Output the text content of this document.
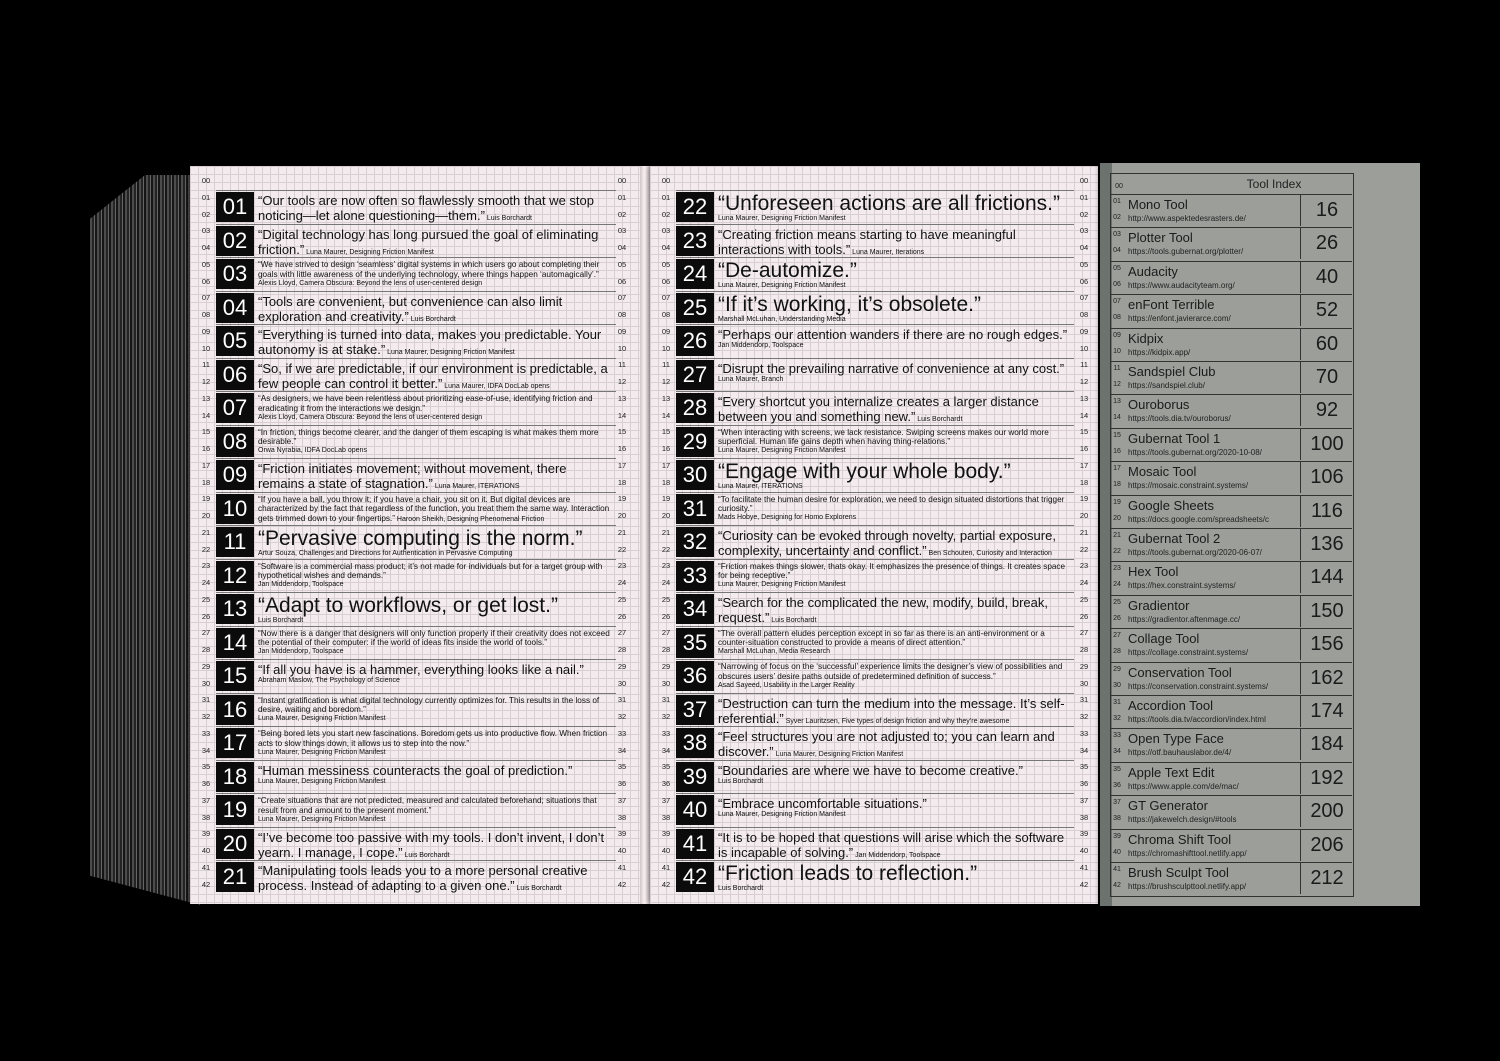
00	00
01	01
02	02
03	03
04	04
05	05
06	06
07	07
08	08
09	09
10	10
11	11
12	12
13	13
14	14
15	15
16	16
17	17
18	18
19	19
20	20
21	21
22	22
23	23
24	24
25	25
26	26
27	27
28	28
29	29
30	30
31	31
32	32
33	33
34	34
35	35
36	36
37	37
38	38
39	39
40	40
41	41
42	42
01 “Our tools are now often so flawlessly smooth that we stop noticing—let alone questioning—them.” Luis Borchardt
02 “Digital technology has long pursued the goal of eliminating friction.” Luna Maurer, Designing Friction Manifest
03	“We have strived to design ‘seamless’ digital systems in which users go about completing their goals with little awareness of the underlying technology, where things happen ‘automagically’.”
Alexis Lloyd, Camera Obscura: Beyond the lens of user-centered design
04 “Tools are convenient, but convenience can also limit exploration and creativity.” Luis Borchardt
05 “Everything is turned into data, makes you predictable. Your autonomy is at stake.” Luna Maurer, Designing Friction Manifest
06 “So, if we are predictable, if our environment is predictable, a few people can control it better.” Luna Maurer, IDFA DocLab opens
07	“As designers, we have been relentless about prioritizing ease-of-use, identifying friction and eradicating it from the interactions we design.”
Alexis Lloyd, Camera Obscura: Beyond the lens of user-centered design
08	“In friction, things become clearer, and the danger of them escaping is what makes them more desirable.”
Orwa Nyrabia, IDFA DocLab opens
09 “Friction initiates movement; without movement, there remains a state of stagnation.” Luna Maurer, ITERATIONS
10	“If you have a ball, you throw it; if you have a chair, you sit on it. But digital devices are characterized by the fact that regardless of the function, you treat them the same way. Interaction gets trimmed down to your fingertips.” Haroon Sheikh, Designing Phenomenal Friction
11 “Pervasive computing is the norm.”
Artur Souza, Challenges and Directions for Authentication in Pervasive Computing
12	“Software is a commercial mass product; it’s not made for individuals but for a target group with hypothetical wishes and demands.”
Jan Middendorp, Toolspace
13 “Adapt to workflows, or get lost.”
Luis Borchardt
14	“Now there is a danger that designers will only function properly if their creativity does not exceed the potential of their computer: if the world of ideas fits inside the world of tools.”
Jan Middendorp, Toolspace
15 “If all you have is a hammer, everything looks like a nail.”
Abraham Maslow, The Psychology of Science
16	“Instant gratification is what digital technology currently optimizes for. This results in the loss of desire, waiting and boredom.”
Luna Maurer, Designing Friction Manifest
17	“Being bored lets you start new fascinations. Boredom gets us into productive flow. When friction acts to slow things down, it allows us to step into the now.”
Luna Maurer, Designing Friction Manifest
18 “Human messiness counteracts the goal of prediction.”
Luna Maurer, Designing Friction Manifest
19	“Create situations that are not predicted, measured and calculated beforehand; situations that result from and amount to the present moment.”
Luna Maurer, Designing Friction Manifest
20 “I’ve become too passive with my tools. I don’t invent, I don’t yearn. I manage, I cope.” Luis Borchardt
21 “Manipulating tools leads you to a more personal creative process. Instead of adapting to a given one.” Luis Borchardt
00	00
01	01
02	02
03	03
04	04
05	05
06	06
07	07
08	08
09	09
10	10
11	11
12	12
13	13
14	14
15	15
16	16
17	17
18	18
19	19
20	20
21	21
22	22
23	23
24	24
25	25
26	26
27	27
28	28
29	29
30	30
31	31
32	32
33	33
34	34
35	35
36	36
37	37
38	38
39	39
40	40
41	41
42	42
22 “Unforeseen actions are all frictions.”
Luna Maurer, Designing Friction Manifest
23 “Creating friction means starting to have meaningful interactions with tools.” Luna Maurer, Iterations
24 “De-automize.”
Luna Maurer, Designing Friction Manifest
25 “If it’s working, it’s obsolete.”
Marshall McLuhan, Understanding Media
26 “Perhaps our attention wanders if there are no rough edges.”
Jan Middendorp, Toolspace
27 “Disrupt the prevailing narrative of convenience at any cost.”
Luna Maurer, Branch
28 “Every shortcut you internalize creates a larger distance between you and something new.” Luis Borchardt
29	“When interacting with screens, we lack resistance. Swiping screens makes our world more superficial. Human life gains depth when having thing-relations.”
Luna Maurer, Designing Friction Manifest
30 “Engage with your whole body.”
Luna Maurer, ITERATIONS
31	“To facilitate the human desire for exploration, we need to design situated distortions that trigger curiosity.”
Mads Hobye, Designing for Homo Explorens
32 “Curiosity can be evoked through novelty, partial exposure, complexity, uncertainty and conflict.” Ben Schouten, Curiosity and Interaction
33	“Friction makes things slower, thats okay. It emphasizes the presence of things. It creates space for being receptive.”
Luna Maurer, Designing Friction Manifest
34 “Search for the complicated the new, modify, build, break, request.” Luis Borchardt
35	“The overall pattern eludes perception except in so far as there is an anti-environment or a counter-situation constructed to provide a means of direct attention.”
Marshall McLuhan, Media Research
36	“Narrowing of focus on the ‘successful’ experience limits the designer’s view of possibilities and obscures users’ desire paths outside of predetermined definition of success.”
Asad Sayeed, Usability in the Larger Reality
37 “Destruction can turn the medium into the message. It’s self-referential.” Syver Lauritzsen, Five types of design friction and why they’re awesome
38 “Feel structures you are not adjusted to; you can learn and discover.” Luna Maurer, Designing Friction Manifest
39 “Boundaries are where we have to become creative.”
Luis Borchardt
40 “Embrace uncomfortable situations.”
Luna Maurer, Designing Friction Manifest
41 “It is to be hoped that questions will arise which the software is incapable of solving.” Jan Middendorp, Toolspace
42 “Friction leads to reflection.”
Luis Borchardt
Tool Index
01
02
Mono Tool
http://www.aspektedesrasters.de/	16
03
04
Plotter Tool
https://tools.gubernat.org/plotter/	26
05
06
Audacity
https://www.audacityteam.org/	40
07
08
enFont Terrible
https://enfont.javierarce.com/	52
09
10
Kidpix
https://kidpix.app/	60
11
12
Sandspiel Club
https://sandspiel.club/	70
13
14
Ouroborus
https://tools.dia.tv/ouroborus/	92
15
16
Gubernat Tool 1
https://tools.gubernat.org/2020-10-08/	100
17
18
Mosaic Tool
https://mosaic.constraint.systems/	106
19
20
Google Sheets
https://docs.google.com/spreadsheets/c	116
21
22
Gubernat Tool 2
https://tools.gubernat.org/2020-06-07/	136
23
24
Hex Tool
https://hex.constraint.systems/	144
25
26
Gradientor
https://gradientor.aftenmage.cc/	150
27
28
Collage Tool
https://collage.constraint.systems/	156
29
30
Conservation Tool
https://conservation.constraint.systems/	162
31
32
Accordion Tool
https://tools.dia.tv/accordion/index.html	174
33
34
Open Type Face
https://otf.bauhauslabor.de/4/	184
35
36
Apple Text Edit
https://www.apple.com/de/mac/	192
37
38
GT Generator
https://jakewelch.design/#tools	200
39
40
Chroma Shift Tool
https://chromashifttool.netlify.app/	206
41
42
Brush Sculpt Tool
https://brushsculpttool.netlify.app/	212
00
